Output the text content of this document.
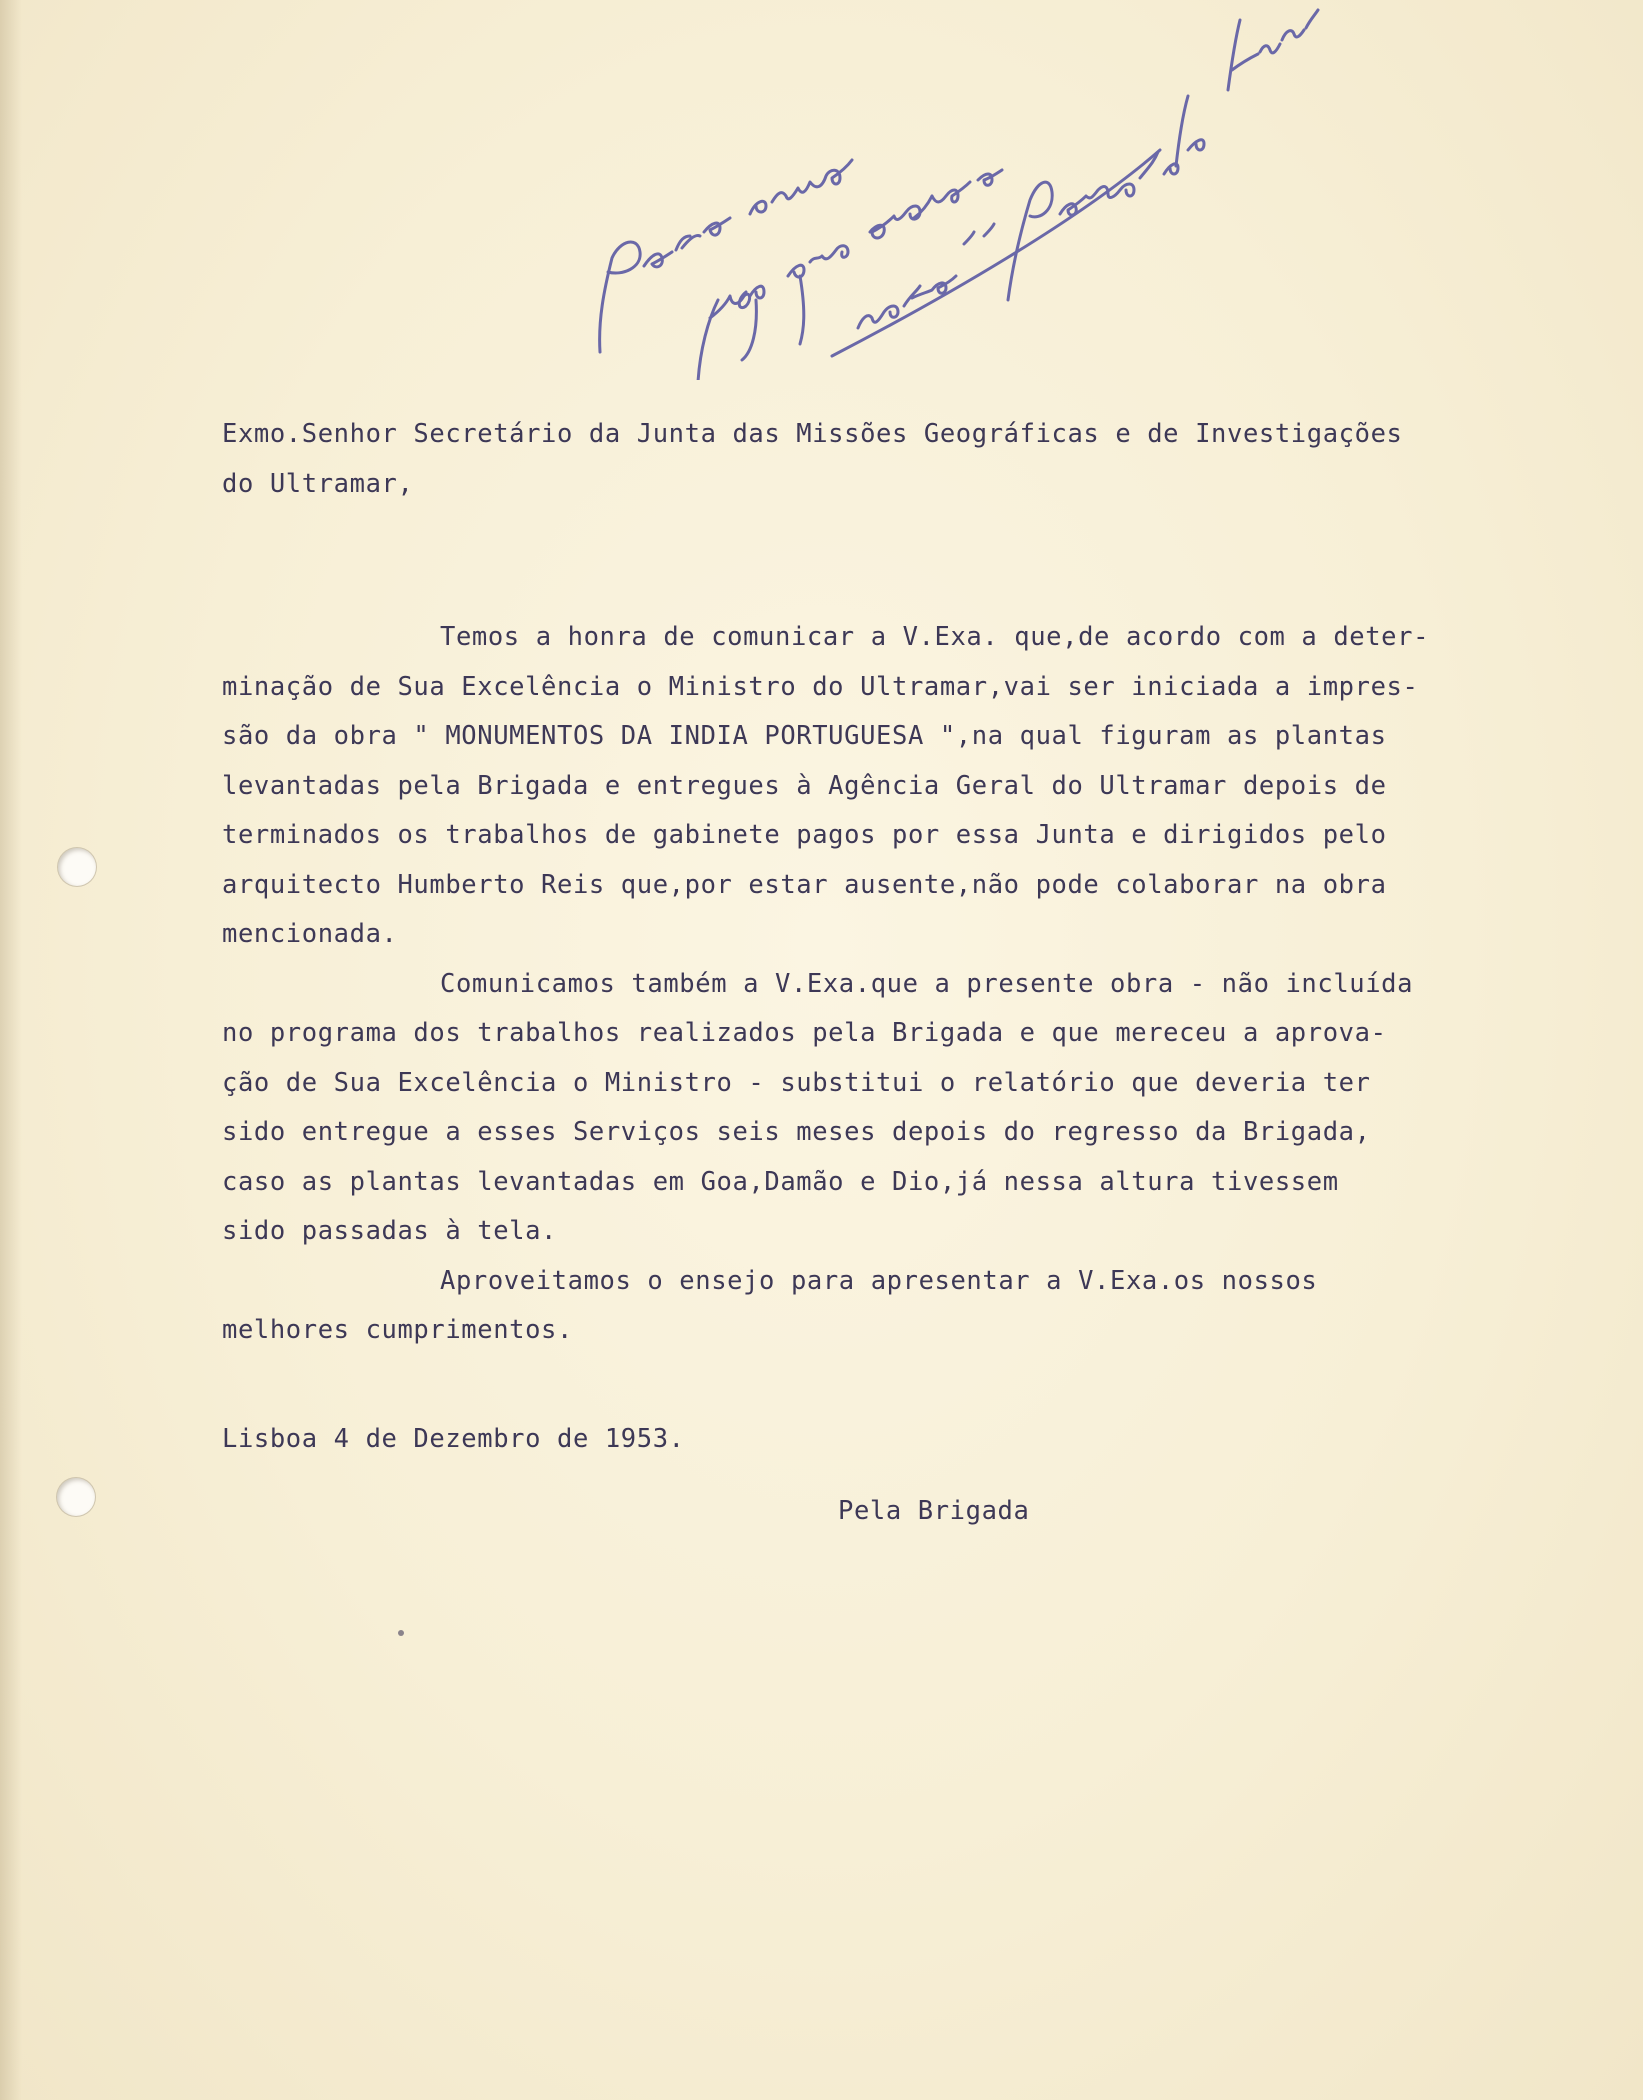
Exmo.Senhor Secretário da Junta das Missões Geográficas e de Investigações

do Ultramar,

Temos a honra de comunicar a V.Exa. que,de acordo com a deter-

minação de Sua Excelência o Ministro do Ultramar,vai ser iniciada a impres-

são da obra " MONUMENTOS DA INDIA PORTUGUESA ",na qual figuram as plantas

levantadas pela Brigada e entregues à Agência Geral do Ultramar depois de

terminados os trabalhos de gabinete pagos por essa Junta e dirigidos pelo

arquitecto Humberto Reis que,por estar ausente,não pode colaborar na obra

mencionada.

Comunicamos também a V.Exa.que a presente obra - não incluída

no programa dos trabalhos realizados pela Brigada e que mereceu a aprova-

ção de Sua Excelência o Ministro - substitui o relatório que deveria ter

sido entregue a esses Serviços seis meses depois do regresso da Brigada,

caso as plantas levantadas em Goa,Damão e Dio,já nessa altura tivessem

sido passadas à tela.

Aproveitamos o ensejo para apresentar a V.Exa.os nossos

melhores cumprimentos.

Lisboa 4 de Dezembro de 1953.
Pela Brigada
